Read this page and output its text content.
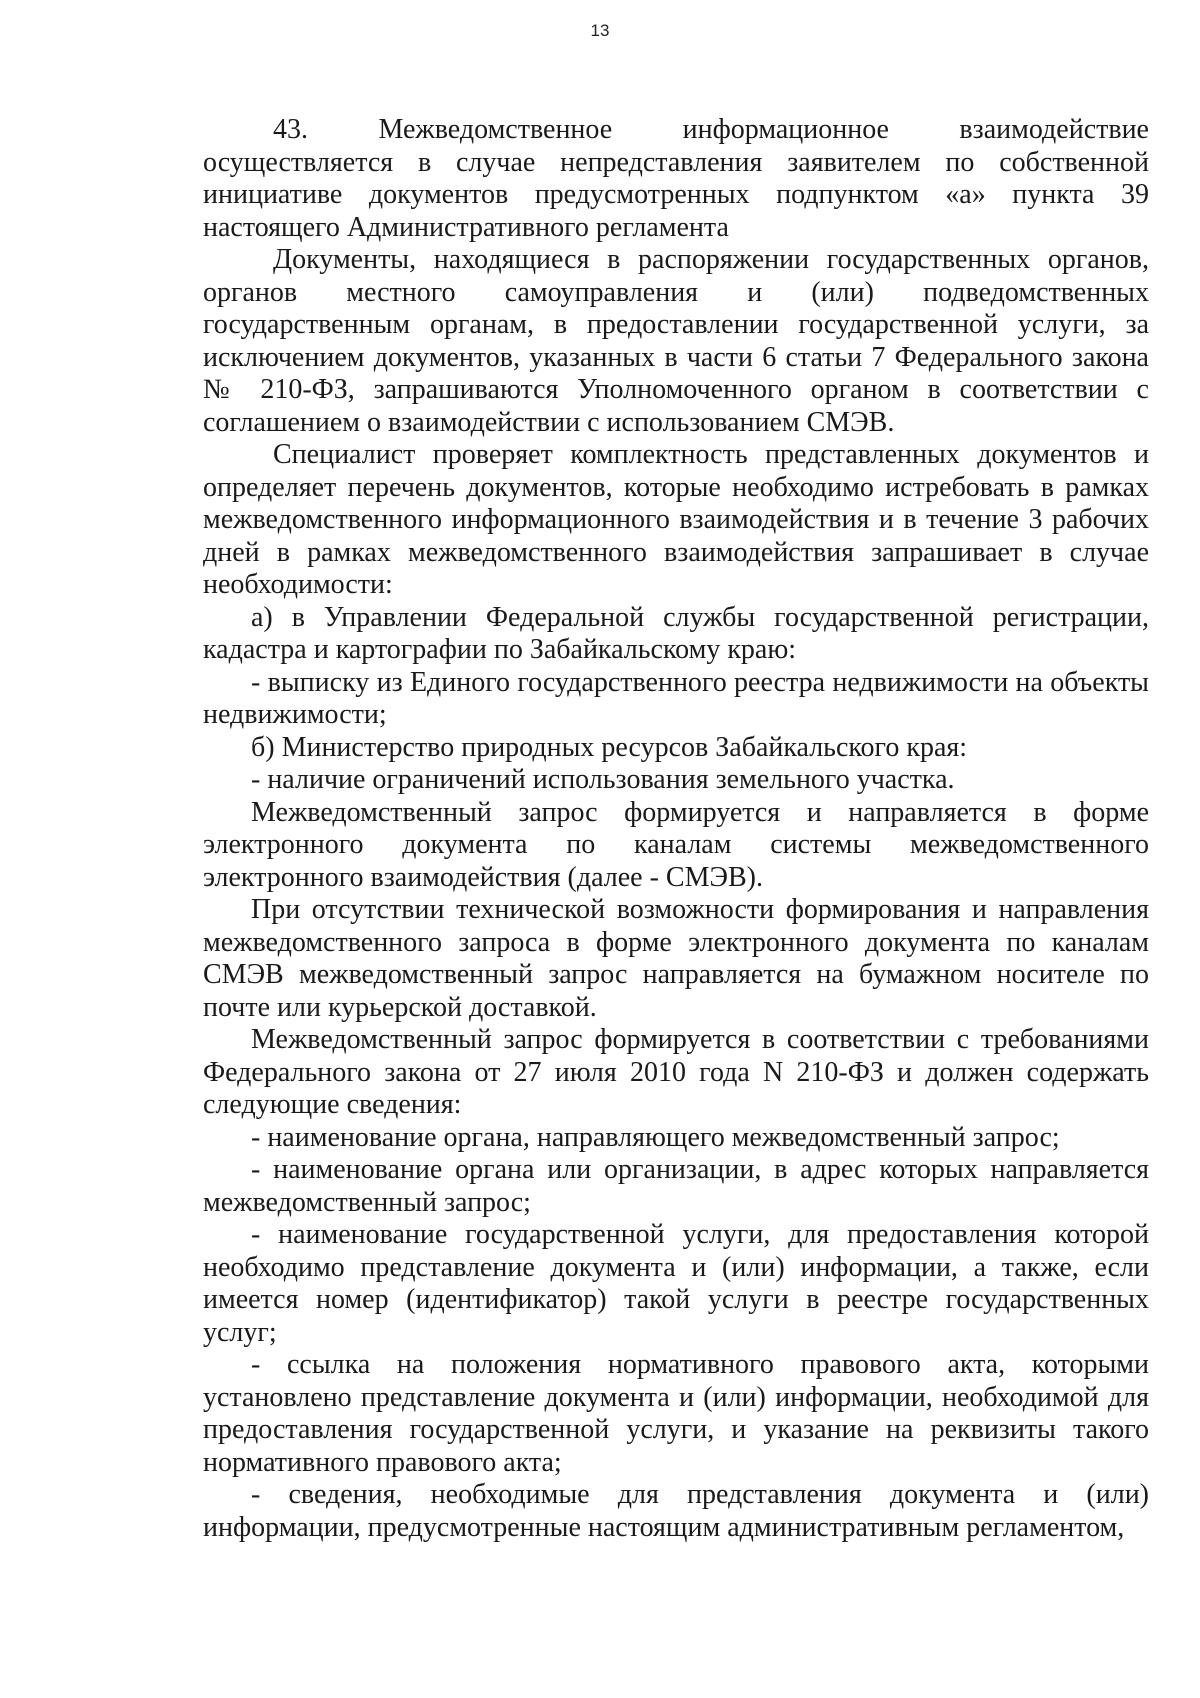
13

43. Межведомственное информационное взаимодействие осуществляется в случае непредставления заявителем по собственной инициативе документов предусмотренных подпунктом «а» пункта 39 настоящего Административного регламента

Документы, находящиеся в распоряжении государственных органов, органов местного самоуправления и (или) подведомственных государственным органам, в предоставлении государственной услуги, за исключением документов, указанных в части 6 статьи 7 Федерального закона № 210-ФЗ, запрашиваются Уполномоченного органом в соответствии с соглашением о взаимодействии с использованием СМЭВ.

Специалист проверяет комплектность представленных документов и определяет перечень документов, которые необходимо истребовать в рамках межведомственного информационного взаимодействия и в течение 3 рабочих дней в рамках межведомственного взаимодействия запрашивает в случае необходимости:

а) в Управлении Федеральной службы государственной регистрации, кадастра и картографии по Забайкальскому краю:

- выписку из Единого государственного реестра недвижимости на объекты недвижимости;

б) Министерство природных ресурсов Забайкальского края:

- наличие ограничений использования земельного участка.

Межведомственный запрос формируется и направляется в форме электронного документа по каналам системы межведомственного электронного взаимодействия (далее - СМЭВ).

При отсутствии технической возможности формирования и направления межведомственного запроса в форме электронного документа по каналам СМЭВ межведомственный запрос направляется на бумажном носителе по почте или курьерской доставкой.

Межведомственный запрос формируется в соответствии с требованиями Федерального закона от 27 июля 2010 года N 210-ФЗ и должен содержать следующие сведения:

- наименование органа, направляющего межведомственный запрос;

- наименование органа или организации, в адрес которых направляется межведомственный запрос;

- наименование государственной услуги, для предоставления которой необходимо представление документа и (или) информации, а также, если имеется номер (идентификатор) такой услуги в реестре государственных услуг;

- ссылка на положения нормативного правового акта, которыми установлено представление документа и (или) информации, необходимой для предоставления государственной услуги, и указание на реквизиты такого нормативного правового акта;

- сведения, необходимые для представления документа и (или) информации, предусмотренные настоящим административным регламентом,
